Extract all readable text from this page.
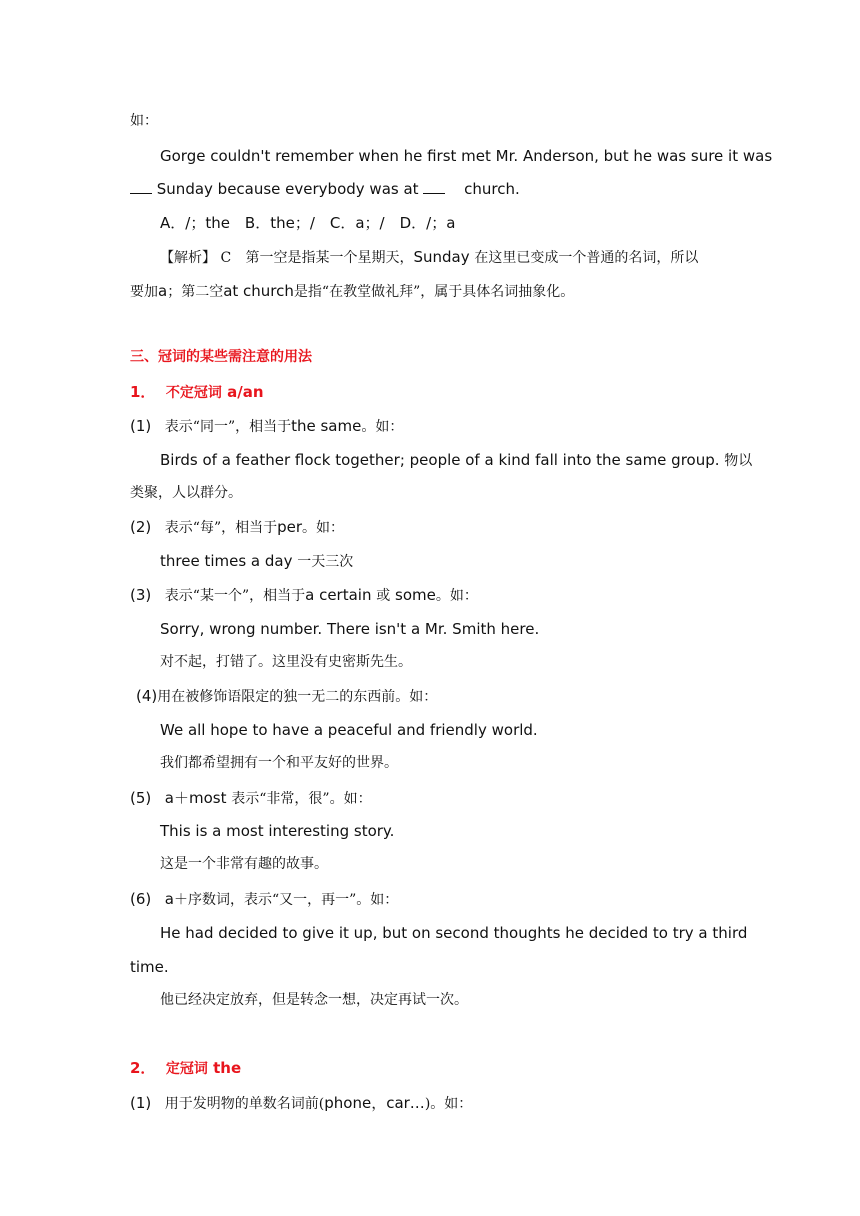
如：
Gorge couldn't remember when he first met Mr. Anderson, but he was sure it was
Sunday because everybody was at	church.
A．/；the　B．the；/　C．a；/　D．/；a
【解析】 C 第一空是指某一个星期天，Sunday 在这里已变成一个普通的名词，所以
要加a；第二空at church是指“在教堂做礼拜”，属于具体名词抽象化。
三、冠词的某些需注意的用法
1． 不定冠词 a/an
(1) 表示“同一”，相当于the same。如：
Birds of a feather flock together; people of a kind fall into the same group. 物以
类聚，人以群分。
(2) 表示“每”，相当于per。如：
three times a day 一天三次
(3) 表示“某一个”，相当于a certain 或 some。如：
Sorry, wrong number. There isn't a Mr. Smith here.
对不起，打错了。这里没有史密斯先生。
(4)用在被修饰语限定的独一无二的东西前。如：
We all hope to have a peaceful and friendly world.
我们都希望拥有一个和平友好的世界。
(5) a＋most 表示“非常，很”。如：
This is a most interesting story.
这是一个非常有趣的故事。
(6) a＋序数词，表示“又一，再一”。如：
He had decided to give it up, but on second thoughts he decided to try a third
time.
他已经决定放弃，但是转念一想，决定再试一次。
2． 定冠词 the
(1) 用于发明物的单数名词前(phone，car…)。如：
